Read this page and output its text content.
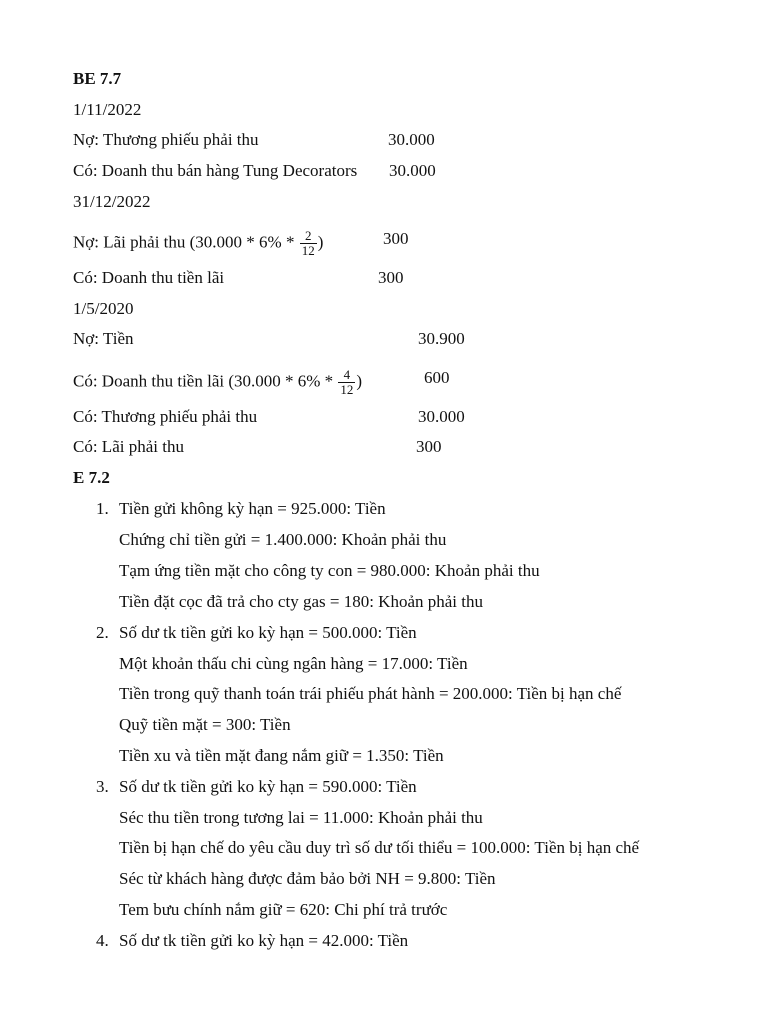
BE 7.7
1/11/2022
Nợ: Thương phiếu phải thu	30.000
Có: Doanh thu bán hàng Tung Decorators 30.000
31/12/2022
Nợ: Lãi phải thu ($30.000 * 6\% * \frac{2}{12}$ )	300
Có: Doanh thu tiền lãi	300
1/5/2020
Nợ: Tiền	30.900
Có: Doanh thu tiền lãi ($30.000 * 6\% * \frac{4}{12}$ )	600
Có: Thương phiếu phải thu	30.000
Có: Lãi phải thu	300
E 7.2
1. Tiền gửi không kỳ hạn = 925.000: Tiền
Chứng chỉ tiền gửi = 1.400.000: Khoản phải thu
Tạm ứng tiền mặt cho công ty con = 980.000: Khoản phải thu
Tiền đặt cọc đã trả cho cty gas = 180: Khoản phải thu
2. Số dư tk tiền gửi ko kỳ hạn = 500.000: Tiền
Một khoản thấu chi cùng ngân hàng = 17.000: Tiền
Tiền trong quỹ thanh toán trái phiếu phát hành = 200.000: Tiền bị hạn chế
Quỹ tiền mặt = 300: Tiền
Tiền xu và tiền mặt đang nắm giữ = 1.350: Tiền
3. Số dư tk tiền gửi ko kỳ hạn = 590.000: Tiền
Séc thu tiền trong tương lai = 11.000: Khoản phải thu
Tiền bị hạn chế do yêu cầu duy trì số dư tối thiểu = 100.000: Tiền bị hạn chế
Séc từ khách hàng được đảm bảo bởi NH = 9.800: Tiền
Tem bưu chính nắm giữ = 620: Chi phí trả trước
4. Số dư tk tiền gửi ko kỳ hạn = 42.000: Tiền
